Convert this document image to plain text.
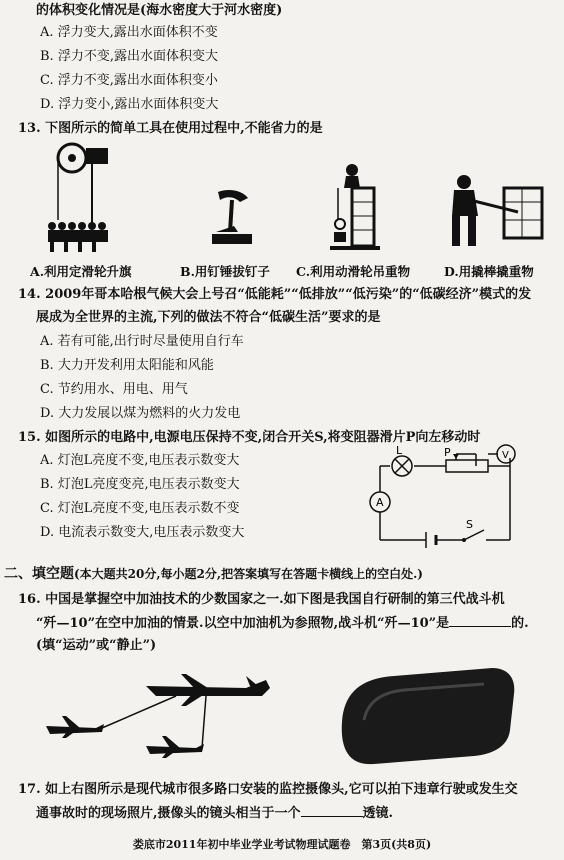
的体积变化情况是(海水密度大于河水密度)
A. 浮力变大,露出水面体积不变
B. 浮力不变,露出水面体积变大
C. 浮力不变,露出水面体积变小
D. 浮力变小,露出水面体积变大
13. 下图所示的简单工具在使用过程中,不能省力的是
A.利用定滑轮升旗	B.用钉锤拔钉子 C.利用动滑轮吊重物	D.用撬棒撬重物
14. 2009年哥本哈根气候大会上号召“低能耗”“低排放”“低污染”的“低碳经济”模式的发
展成为全世界的主流,下列的做法不符合“低碳生活”要求的是
A. 若有可能,出行时尽量使用自行车
B. 大力开发利用太阳能和风能
C. 节约用水、用电、用气
D. 大力发展以煤为燃料的火力发电
15. 如图所示的电路中,电源电压保持不变,闭合开关S,将变阻器滑片P向左移动时
A. 灯泡L亮度不变,电压表示数变大
B. 灯泡L亮度变亮,电压表示数变大
C. 灯泡L亮度不变,电压表示数不变
D. 电流表示数变大,电压表示数变大
L	P	V
A
S
二、填空题(本大题共20分,每小题2分,把答案填写在答题卡横线上的空白处.)
16. 中国是掌握空中加油技术的少数国家之一.如下图是我国自行研制的第三代战斗机
“歼—10”在空中加油的情景.以空中加油机为参照物,战斗机“歼—10”是	的.
(填“运动”或“静止”)
17. 如上右图所示是现代城市很多路口安装的监控摄像头,它可以拍下违章行驶或发生交
通事故时的现场照片,摄像头的镜头相当于一个	透镜.
娄底市2011年初中毕业学业考试物理试题卷　第3页(共8页)
